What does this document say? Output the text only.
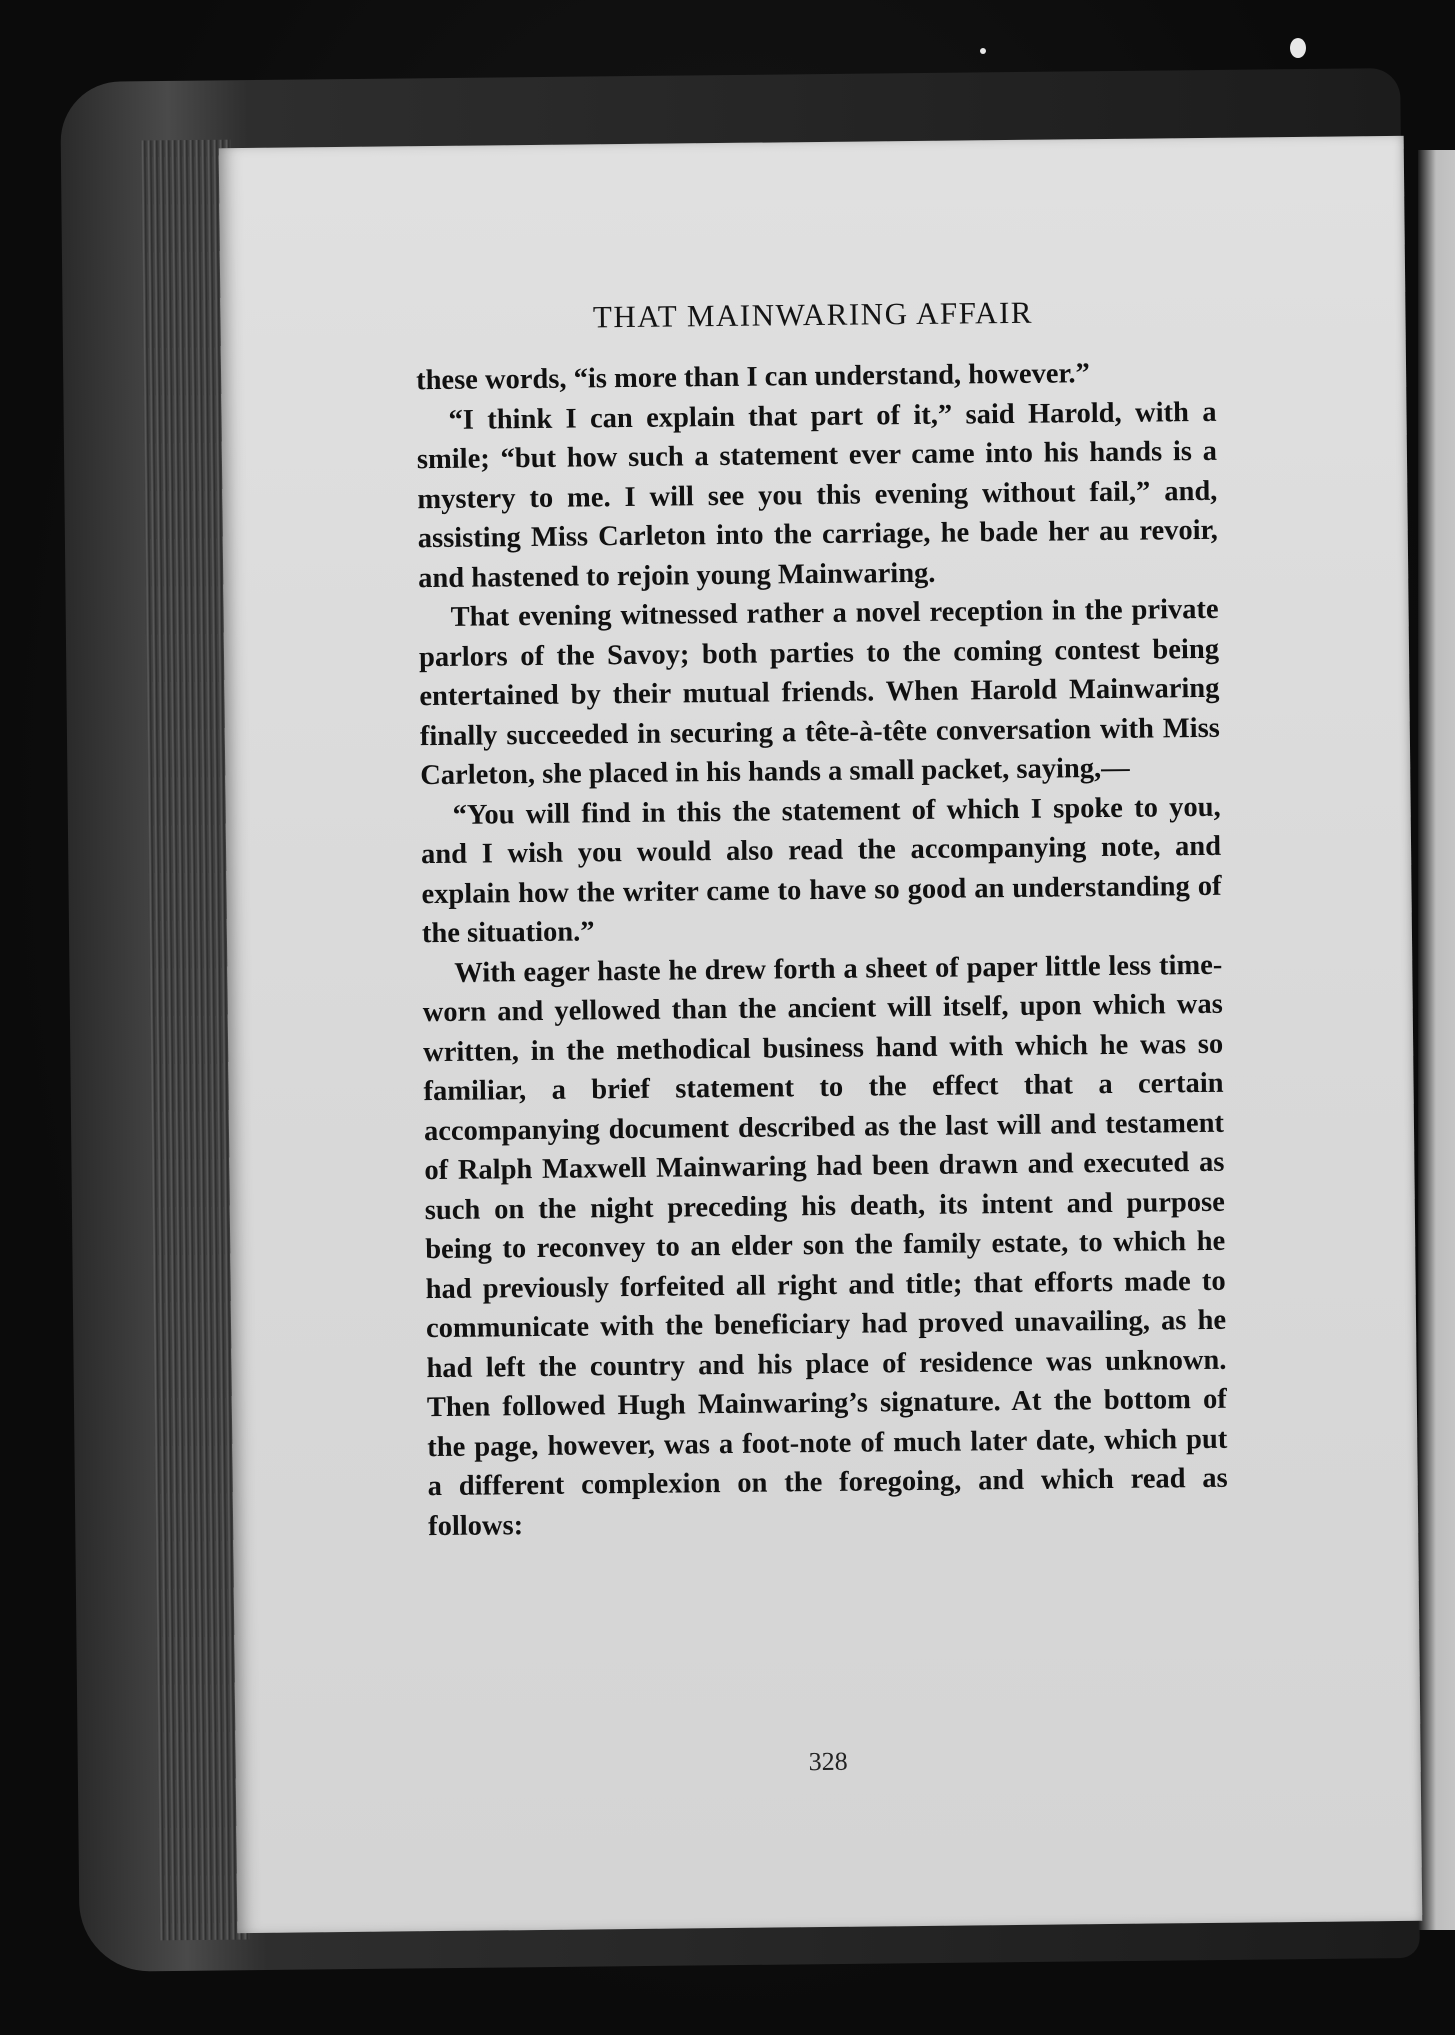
THAT MAINWARING AFFAIR

these words, “is more than I can understand, however.”

“I think I can explain that part of it,” said Harold, with a smile; “but how such a statement ever came into his hands is a mystery to me. I will see you this evening without fail,” and, assisting Miss Carleton into the carriage, he bade her au revoir, and hastened to rejoin young Mainwaring.

That evening witnessed rather a novel reception in the private parlors of the Savoy; both parties to the coming contest being entertained by their mutual friends. When Harold Mainwaring finally succeeded in securing a tête-à-tête conversation with Miss Carleton, she placed in his hands a small packet, saying,—

“You will find in this the statement of which I spoke to you, and I wish you would also read the accompanying note, and explain how the writer came to have so good an understanding of the situation.”

With eager haste he drew forth a sheet of paper little less time-worn and yellowed than the ancient will itself, upon which was written, in the methodical business hand with which he was so familiar, a brief statement to the effect that a certain accompanying document described as the last will and testament of Ralph Maxwell Mainwaring had been drawn and executed as such on the night preceding his death, its intent and purpose being to reconvey to an elder son the family estate, to which he had previously forfeited all right and title; that efforts made to communicate with the beneficiary had proved unavailing, as he had left the country and his place of residence was unknown. Then followed Hugh Mainwaring’s signature. At the bottom of the page, however, was a foot-note of much later date, which put a different complexion on the foregoing, and which read as follows:

328
